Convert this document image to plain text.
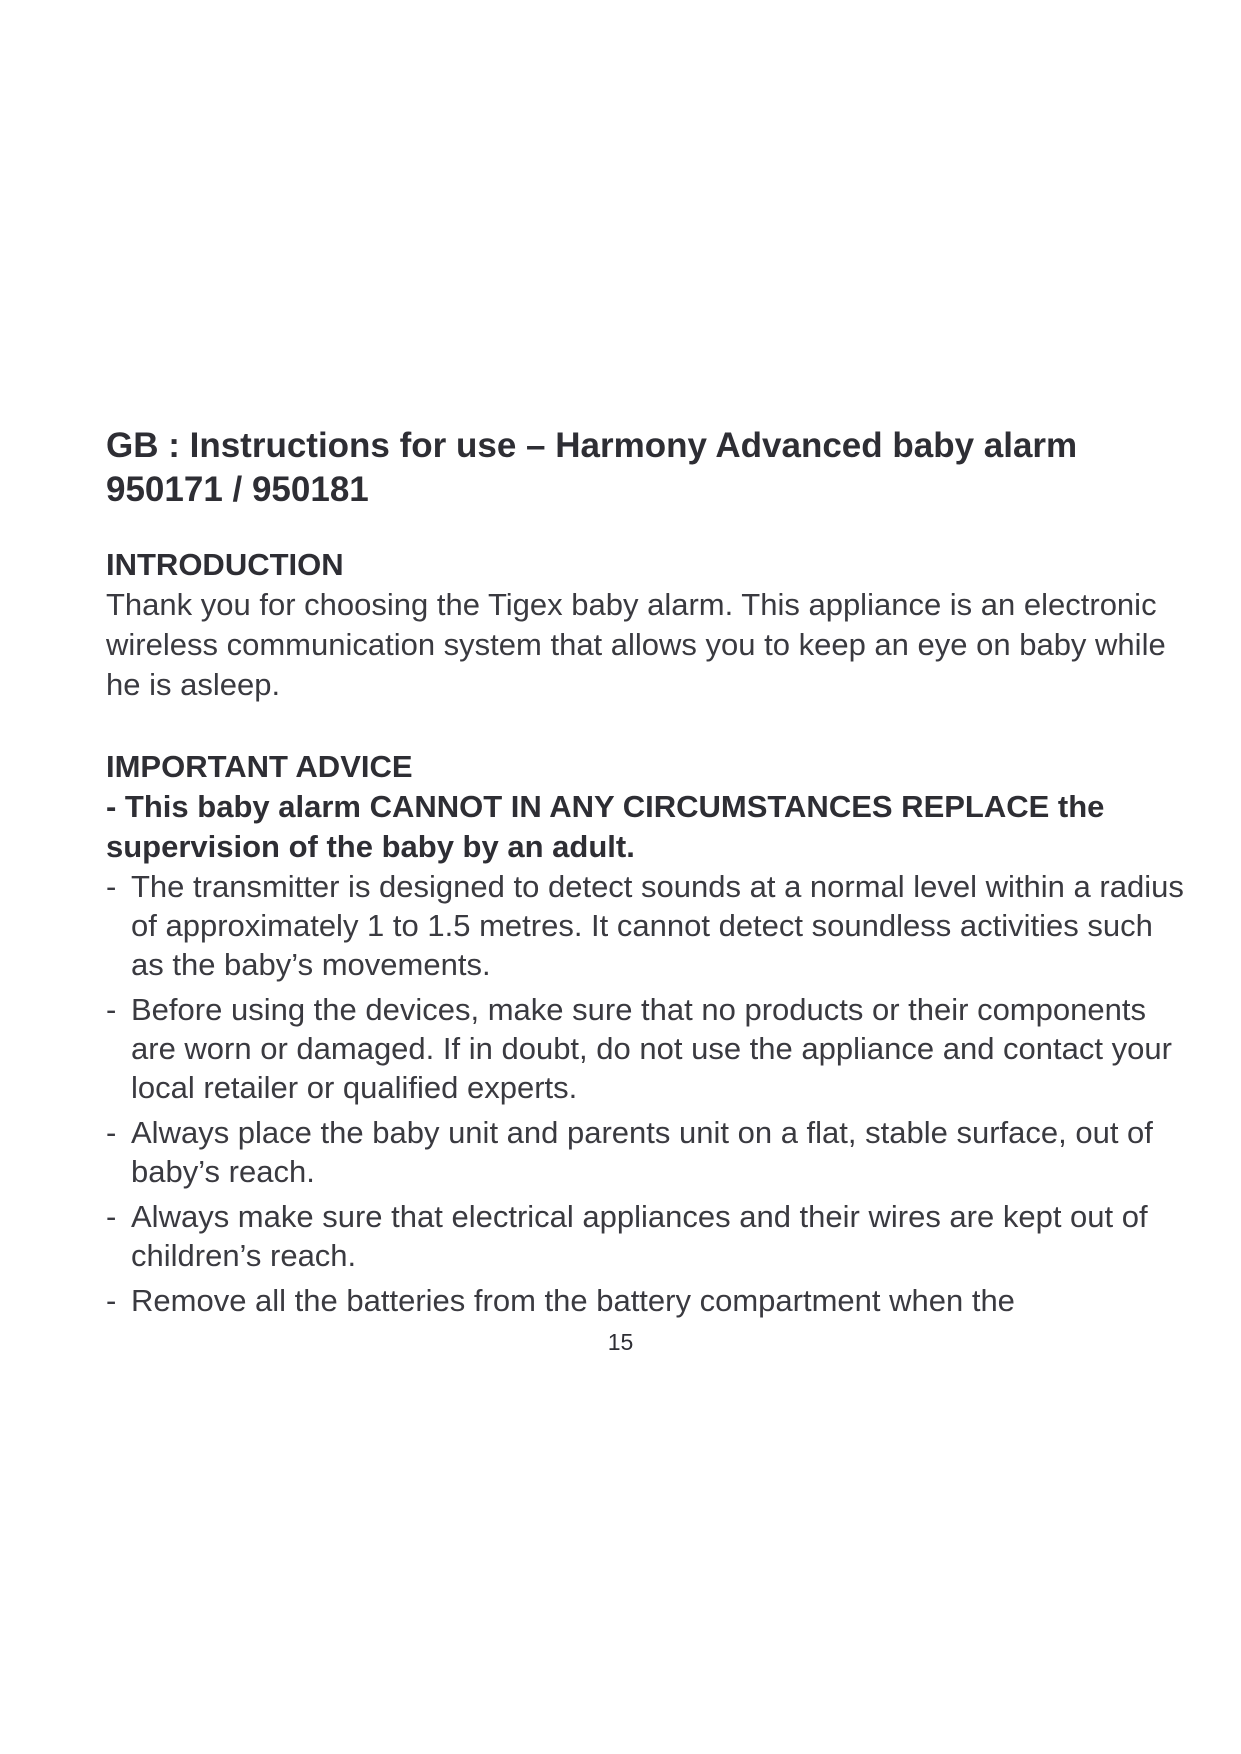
GB : Instructions for use – Harmony Advanced baby alarm 950171 / 950181
INTRODUCTION

Thank you for choosing the Tigex baby alarm. This appliance is an electronic wireless communication system that allows you to keep an eye on baby while he is asleep.

IMPORTANT ADVICE

- This baby alarm CANNOT IN ANY CIRCUMSTANCES REPLACE the supervision of the baby by an adult.

- The transmitter is designed to detect sounds at a normal level within a radius of approximately 1 to 1.5 metres. It cannot detect soundless activities such as the baby’s movements.
- Before using the devices, make sure that no products or their components are worn or damaged. If in doubt, do not use the appliance and contact your local retailer or qualified experts.
- Always place the baby unit and parents unit on a flat, stable surface, out of baby’s reach.
- Always make sure that electrical appliances and their wires are kept out of children’s reach.
- Remove all the batteries from the battery compartment when the
15
